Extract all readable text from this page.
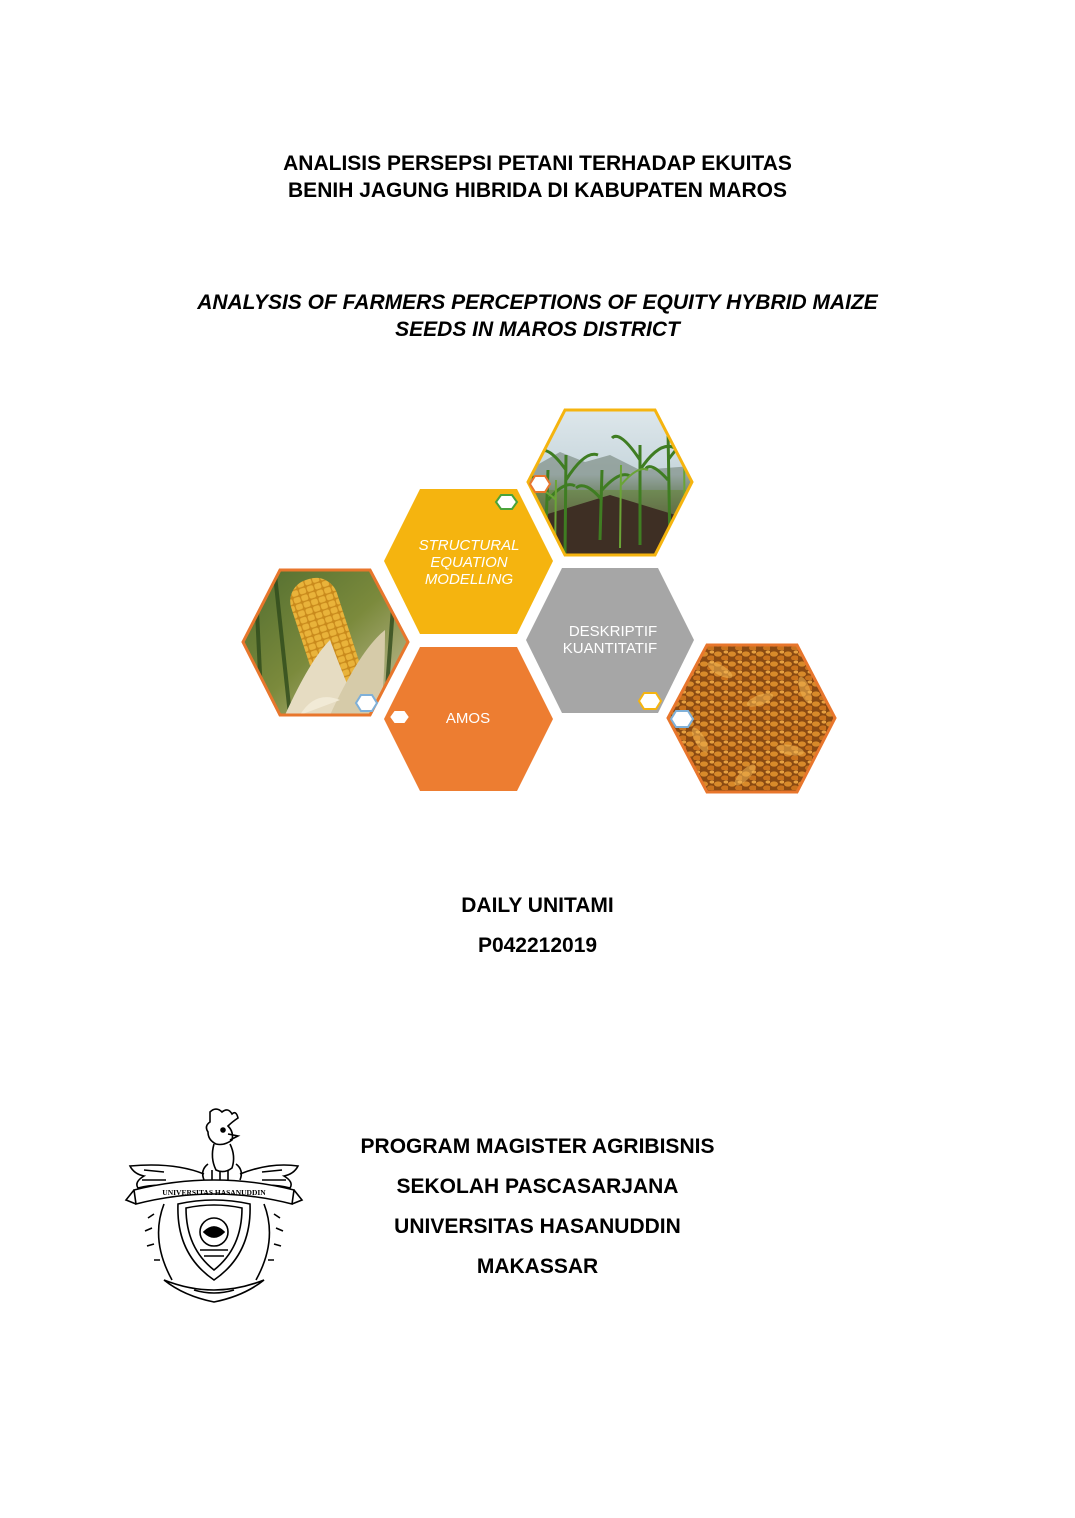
ANALISIS PERSEPSI PETANI TERHADAP EKUITAS
BENIH JAGUNG HIBRIDA DI KABUPATEN MAROS
ANALYSIS OF FARMERS PERCEPTIONS OF EQUITY HYBRID MAIZE
SEEDS IN MAROS DISTRICT
STRUCTURAL
EQUATION
MODELLING
DESKRIPTIF
KUANTITATIF
AMOS
DAILY UNITAMI
P042212019
UNIVERSITAS HASANUDDIN
PROGRAM MAGISTER AGRIBISNIS
SEKOLAH PASCASARJANA
UNIVERSITAS HASANUDDIN
MAKASSAR
